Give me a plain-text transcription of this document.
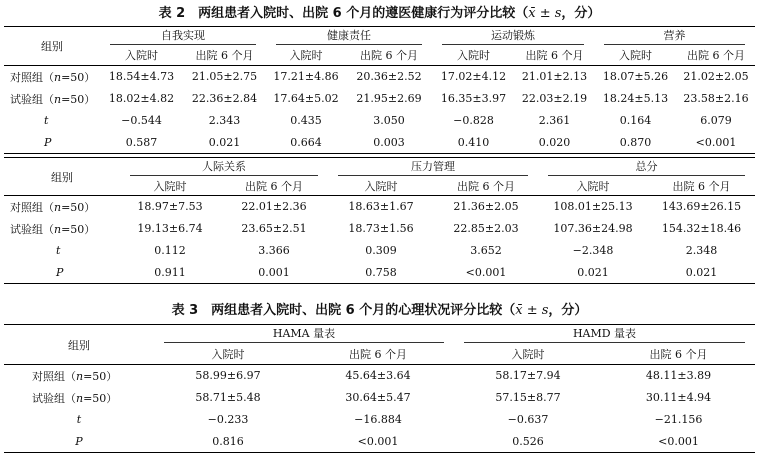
表 2　两组患者入院时、出院 6 个月的遵医健康行为评分比较（x̄ ± s，分）
组别	自我实现		健康责任		运动锻炼		营养	

	入院时	出院 6 个月	入院时	出院 6 个月	入院时	出院 6 个月	入院时	出院 6 个月
对照组（n=50）	18.54±4.73	21.05±2.75	17.21±4.86	20.36±2.52	17.02±4.12	21.01±2.13	18.07±5.26	21.02±2.05
试验组（n=50）	18.02±4.82	22.36±2.84	17.64±5.02	21.95±2.69	16.35±3.97	22.03±2.19	18.24±5.13	23.58±2.16
t	−0.544	2.343	0.435	3.050	−0.828	2.361	0.164	6.079
P	0.587	0.021	0.664	0.003	0.410	0.020	0.870	<0.001
组别	人际关系		压力管理		总分	

	入院时	出院 6 个月	入院时	出院 6 个月	入院时	出院 6 个月
对照组（n=50）	18.97±7.53	22.01±2.36	18.63±1.67	21.36±2.05	108.01±25.13	143.69±26.15
试验组（n=50）	19.13±6.74	23.65±2.51	18.73±1.56	22.85±2.03	107.36±24.98	154.32±18.46
t	0.112	3.366	0.309	3.652	−2.348	2.348
P	0.911	0.001	0.758	<0.001	0.021	0.021
表 3　两组患者入院时、出院 6 个月的心理状况评分比较（x̄ ± s，分）
组别	HAMA 量表		HAMD 量表	

	入院时	出院 6 个月	入院时	出院 6 个月
对照组（n=50）	58.99±6.97	45.64±3.64	58.17±7.94	48.11±3.89
试验组（n=50）	58.71±5.48	30.64±5.47	57.15±8.77	30.11±4.94
t	−0.233	−16.884	−0.637	−21.156
P	0.816	<0.001	0.526	<0.001
